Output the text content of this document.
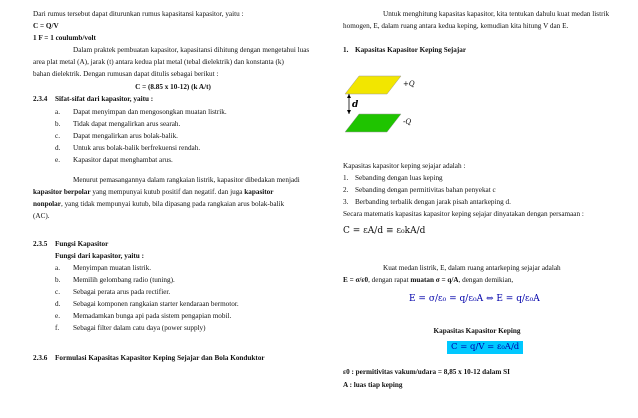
Dari rumus tersebut dapat diturunkan rumus kapasitansi kapasitor, yaitu :
C = Q/V
1 F = 1 coulumb/volt
Dalam praktek pembuatan kapasitor, kapasitansi dihitung dengan mengetahui luas
area plat metal (A), jarak (t) antara kedua plat metal (tebal dielektrik) dan konstanta (k)
bahan dielektrik. Dengan rumusan dapat ditulis sebagai berikut :
C = (8.85 x 10-12) (k A/t)
2.3.4 Sifat-sifat dari kapasitor, yaitu :
a. Dapat menyimpan dan mengosongkan muatan listrik.
b. Tidak dapat mengalirkan arus searah.
c. Dapat mengalirkan arus bolak-balik.
d. Untuk arus bolak-balik berfrekuensi rendah.
e. Kapasitor dapat menghambat arus.
Menurut pemasangannya dalam rangkaian listrik, kapasitor dibedakan menjadi
kapasitor berpolar yang mempunyai kutub positif dan negatif. dan juga kapasitor
nonpolar, yang tidak mempunyai kutub, bila dipasang pada rangkaian arus bolak-balik
(AC).
2.3.5 Fungsi Kapasitor
Fungsi dari kapasitor, yaitu :
a. Menyimpan muatan listrik.
b. Memilih gelombang radio (tuning).
c. Sebagai perata arus pada rectifier.
d. Sebagai komponen rangkaian starter kendaraan bermotor.
e. Memadamkan bunga api pada sistem pengapian mobil.
f. Sebagai filter dalam catu daya (power supply)
2.3.6 Formulasi Kapasitas Kapasitor Keping Sejajar dan Bola Konduktor
Untuk menghitung kapasitas kapasitor, kita tentukan dahulu kuat medan listrik
homogen, E, dalam ruang antara kedua keping, kemudian kita hitung V dan E.
1. Kapasitas Kapasitor Keping Sejajar
d
+Q
-Q
Kapasitas kapasitor keping sejajar adalah :
1. Sebanding dengan luas keping
2. Sebanding dengan permitivitas bahan penyekat c
3. Berbanding terbalik dengan jarak pisah antarkeping d.
Secara matematis kapasitas kapasitor keping sejajar dinyatakan dengan persamaan :
C = εA/d ≡ ε₀kA/d
Kuat medan listrik, E, dalam ruang antarkeping sejajar adalah
E = σ/ε0, dengan rapat muatan σ = q/A, dengan demikian,
E = σ/ε₀ = q/ε₀A ⇔ E = q/ε₀A
Kapasitas Kapasitor Keping
C = q/V = ε₀A/d
ε0 : permitivitas vakum/udara = 8,85 x 10-12 dalam SI
A : luas tiap keping
